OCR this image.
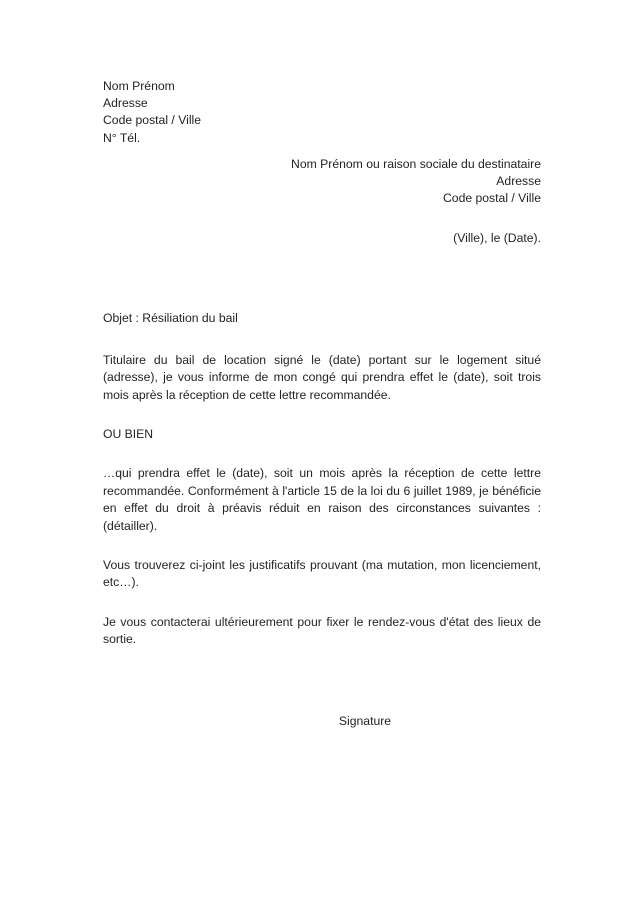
Nom Prénom
Adresse
Code postal / Ville
N° Tél.
Nom Prénom ou raison sociale du destinataire
Adresse
Code postal / Ville
(Ville), le (Date).
Objet : Résiliation du bail
Titulaire du bail de location signé le (date) portant sur le logement situé (adresse), je vous informe de mon congé qui prendra effet le (date), soit trois mois après la réception de cette lettre recommandée.
OU BIEN
…qui prendra effet le (date), soit un mois après la réception de cette lettre recommandée. Conformément à l'article 15 de la loi du 6 juillet 1989, je bénéficie en effet du droit à préavis réduit en raison des circonstances suivantes : (détailler).
Vous trouverez ci-joint les justificatifs prouvant (ma mutation, mon licenciement, etc…).
Je vous contacterai ultérieurement pour fixer le rendez-vous d'état des lieux de sortie.
Signature
